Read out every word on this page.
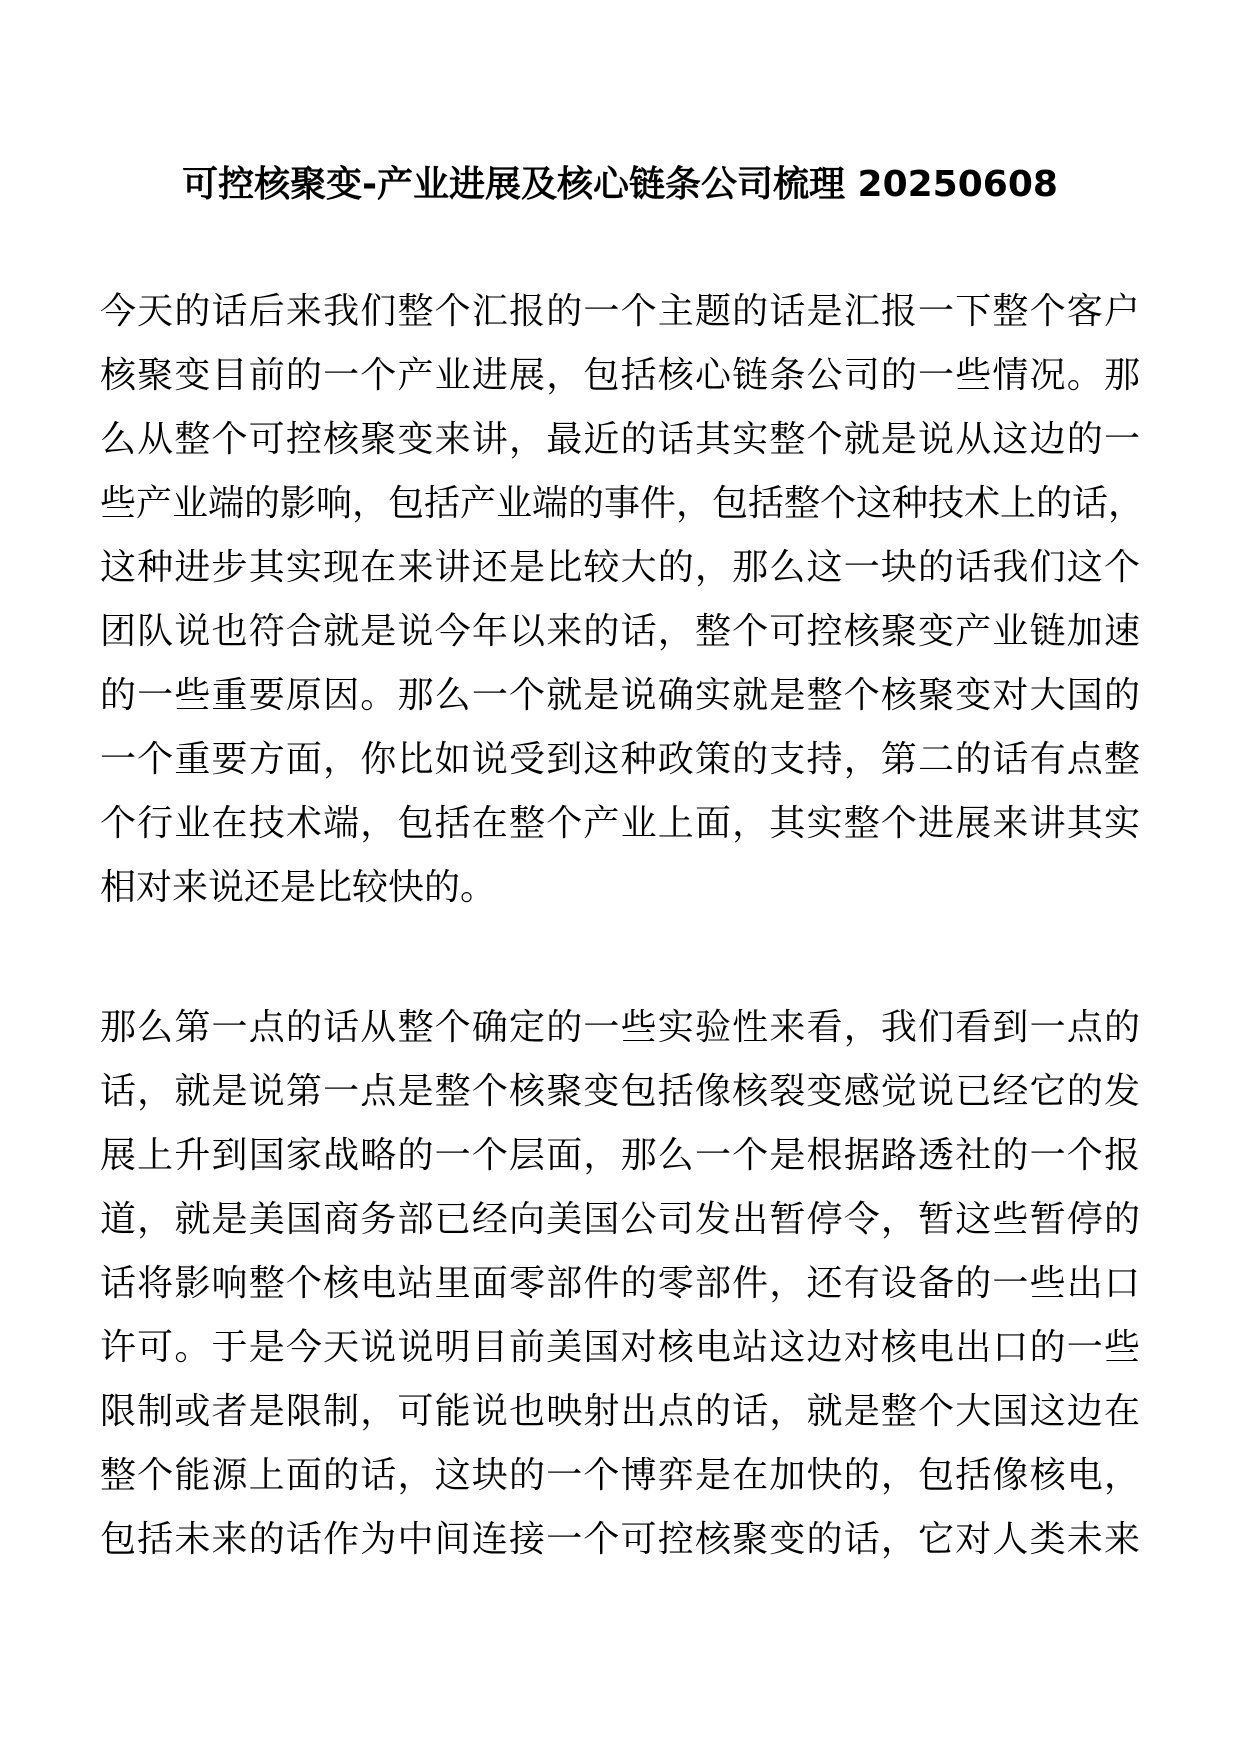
可控核聚变-产业进展及核心链条公司梳理 20250608
今天的话后来我们整个汇报的一个主题的话是汇报一下整个客户
核聚变目前的一个产业进展，包括核心链条公司的一些情况。那
么从整个可控核聚变来讲，最近的话其实整个就是说从这边的一
些产业端的影响，包括产业端的事件，包括整个这种技术上的话，
这种进步其实现在来讲还是比较大的，那么这一块的话我们这个
团队说也符合就是说今年以来的话，整个可控核聚变产业链加速
的一些重要原因。那么一个就是说确实就是整个核聚变对大国的
一个重要方面，你比如说受到这种政策的支持，第二的话有点整
个行业在技术端，包括在整个产业上面，其实整个进展来讲其实
相对来说还是比较快的。
那么第一点的话从整个确定的一些实验性来看，我们看到一点的
话，就是说第一点是整个核聚变包括像核裂变感觉说已经它的发
展上升到国家战略的一个层面，那么一个是根据路透社的一个报
道，就是美国商务部已经向美国公司发出暂停令，暂这些暂停的
话将影响整个核电站里面零部件的零部件，还有设备的一些出口
许可。于是今天说说明目前美国对核电站这边对核电出口的一些
限制或者是限制，可能说也映射出点的话，就是整个大国这边在
整个能源上面的话，这块的一个博弈是在加快的，包括像核电，
包括未来的话作为中间连接一个可控核聚变的话，它对人类未来
